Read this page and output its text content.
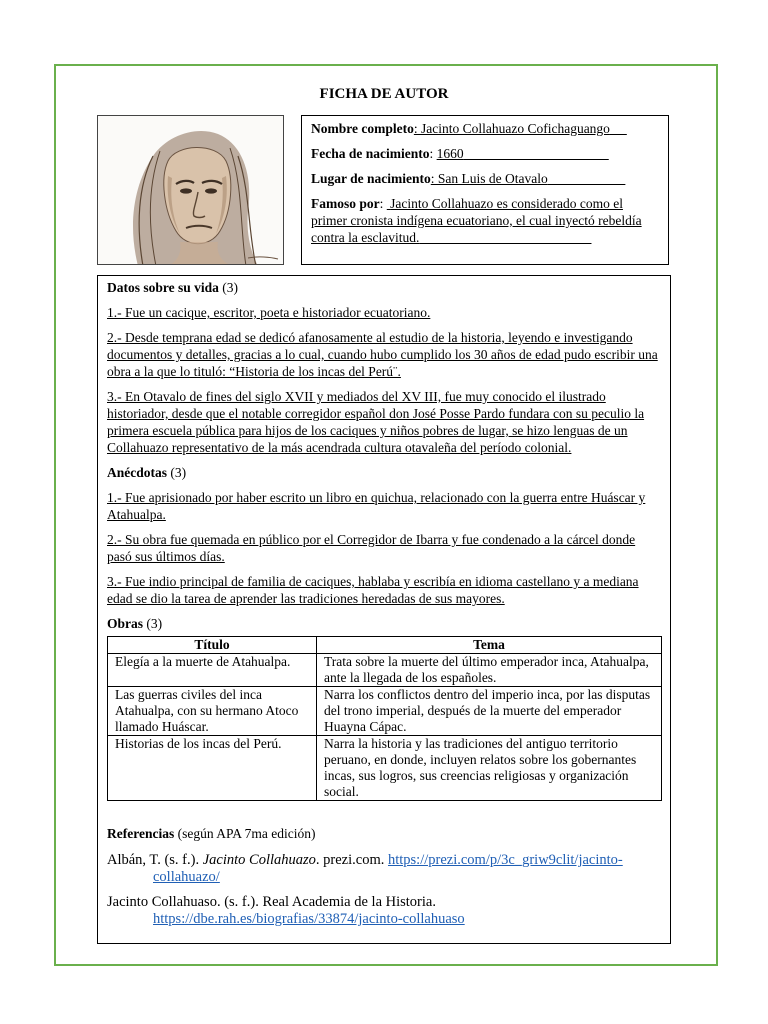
FICHA DE AUTOR

Nombre completo: Jacinto Collahuazo Cofichaguango

Fecha de nacimiento: 1660

Lugar de nacimiento: San Luis de Otavalo

Famoso por:  Jacinto Collahuazo es considerado como el primer cronista indígena ecuatoriano, el cual inyectó rebeldía contra la esclavitud.

Datos sobre su vida (3)

1.- Fue un cacique, escritor, poeta e historiador ecuatoriano.

2.- Desde temprana edad se dedicó afanosamente al estudio de la historia, leyendo e investigando documentos y detalles, gracias a lo cual, cuando hubo cumplido los 30 años de edad pudo escribir una obra a la que lo tituló: “Historia de los incas del Perú¨.

3.- En Otavalo de fines del siglo XVII y mediados del XV III, fue muy conocido el ilustrado historiador, desde que el notable corregidor español don José Posse Pardo fundara con su peculio la primera escuela pública para hijos de los caciques y niños pobres de lugar, se hizo lenguas de un Collahuazo representativo de la más acendrada cultura otavaleña del período colonial.

Anécdotas (3)

1.- Fue aprisionado por haber escrito un libro en quichua, relacionado con la guerra entre Huáscar y Atahualpa.

2.- Su obra fue quemada en público por el Corregidor de Ibarra y fue condenado a la cárcel donde pasó sus últimos días.

3.- Fue indio principal de familia de caciques, hablaba y escribía en idioma castellano y a mediana edad se dio la tarea de aprender las tradiciones heredadas de sus mayores.

Obras (3)

Título	Tema
Elegía a la muerte de Atahualpa.	Trata sobre la muerte del último emperador inca, Atahualpa, ante la llegada de los españoles.
Las guerras civiles del inca Atahualpa, con su hermano Atoco llamado Huáscar.	Narra los conflictos dentro del imperio inca, por las disputas del trono imperial, después de la muerte del emperador Huayna Cápac.
Historias de los incas del Perú.	Narra la historia y las tradiciones del antiguo territorio peruano, en donde, incluyen relatos sobre los gobernantes incas, sus logros, sus creencias religiosas y organización social.

Referencias (según APA 7ma edición)

Albán, T. (s. f.). Jacinto Collahuazo. prezi.com. https://prezi.com/p/3c_griw9clit/jacinto-collahuazo/

Jacinto Collahuaso. (s. f.). Real Academia de la Historia. https://dbe.rah.es/biografias/33874/jacinto-collahuaso
